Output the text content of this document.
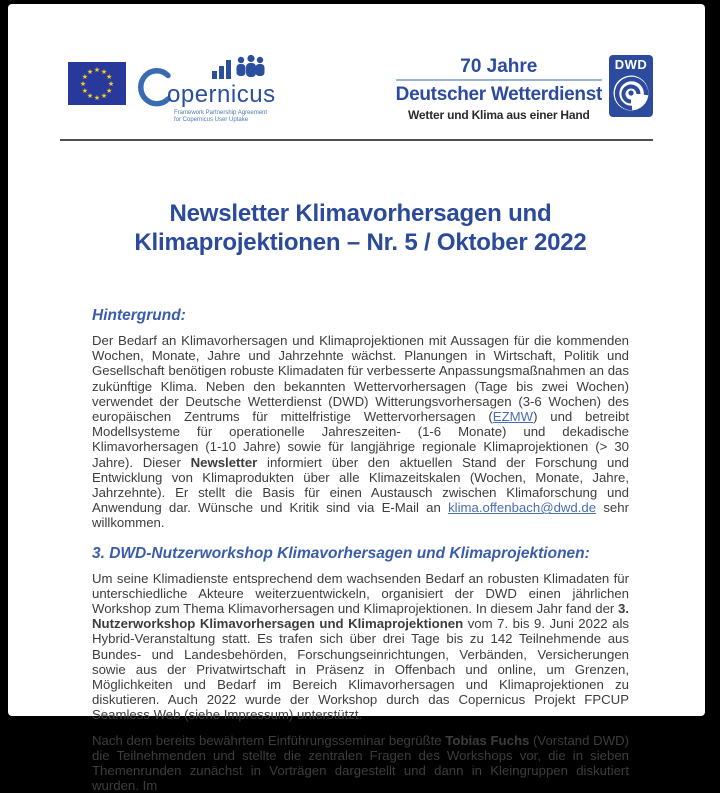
★ ★
★
★
★
★
★
★
★
★
★
★
opernicus
Framework Partnership Agreement
for Copernicus User Uptake
70 Jahre
Deutscher Wetterdienst
Wetter und Klima aus einer Hand
DWD
Newsletter Klimavorhersagen und Klimaprojektionen – Nr. 5 / Oktober 2022
Hintergrund:

Der Bedarf an Klimavorhersagen und Klimaprojektionen mit Aussagen für die kommenden Wochen, Monate, Jahre und Jahrzehnte wächst. Planungen in Wirtschaft, Politik und Gesellschaft benötigen robuste Klimadaten für verbesserte Anpassungsmaßnahmen an das zukünftige Klima. Neben den bekannten Wettervorhersagen (Tage bis zwei Wochen) verwendet der Deutsche Wetterdienst (DWD) Witterungsvorhersagen (3-6 Wochen) des europäischen Zentrums für mittelfristige Wettervorhersagen (EZMW) und betreibt Modellsysteme für operationelle Jahreszeiten- (1-6 Monate) und dekadische Klimavorhersagen (1-10 Jahre) sowie für langjährige regionale Klimaprojektionen (> 30 Jahre). Dieser Newsletter informiert über den aktuellen Stand der Forschung und Entwicklung von Klimaprodukten über alle Klimazeitskalen (Wochen, Monate, Jahre, Jahrzehnte). Er stellt die Basis für einen Austausch zwischen Klimaforschung und Anwendung dar. Wünsche und Kritik sind via E-Mail an klima.offenbach@dwd.de sehr willkommen.

3. DWD-Nutzerworkshop Klimavorhersagen und Klimaprojektionen:

Um seine Klimadienste entsprechend dem wachsenden Bedarf an robusten Klimadaten für unterschiedliche Akteure weiterzuentwickeln, organisiert der DWD einen jährlichen Workshop zum Thema Klimavorhersagen und Klimaprojektionen. In diesem Jahr fand der 3. Nutzerworkshop Klimavorhersagen und Klimaprojektionen vom 7. bis 9. Juni 2022 als Hybrid-Veranstaltung statt. Es trafen sich über drei Tage bis zu 142 Teilnehmende aus Bundes- und Landesbehörden, Forschungseinrichtungen, Verbänden, Versicherungen sowie aus der Privatwirtschaft in Präsenz in Offenbach und online, um Grenzen, Möglichkeiten und Bedarf im Bereich Klimavorhersagen und Klimaprojektionen zu diskutieren. Auch 2022 wurde der Workshop durch das Copernicus Projekt FPCUP Seamless Web (siehe Impressum) unterstützt.

Nach dem bereits bewährtem Einführungsseminar begrüßte Tobias Fuchs (Vorstand DWD) die Teilnehmenden und stellte die zentralen Fragen des Workshops vor, die in sieben Themenrunden zunächst in Vorträgen dargestellt und dann in Kleingruppen diskutiert wurden. Im
